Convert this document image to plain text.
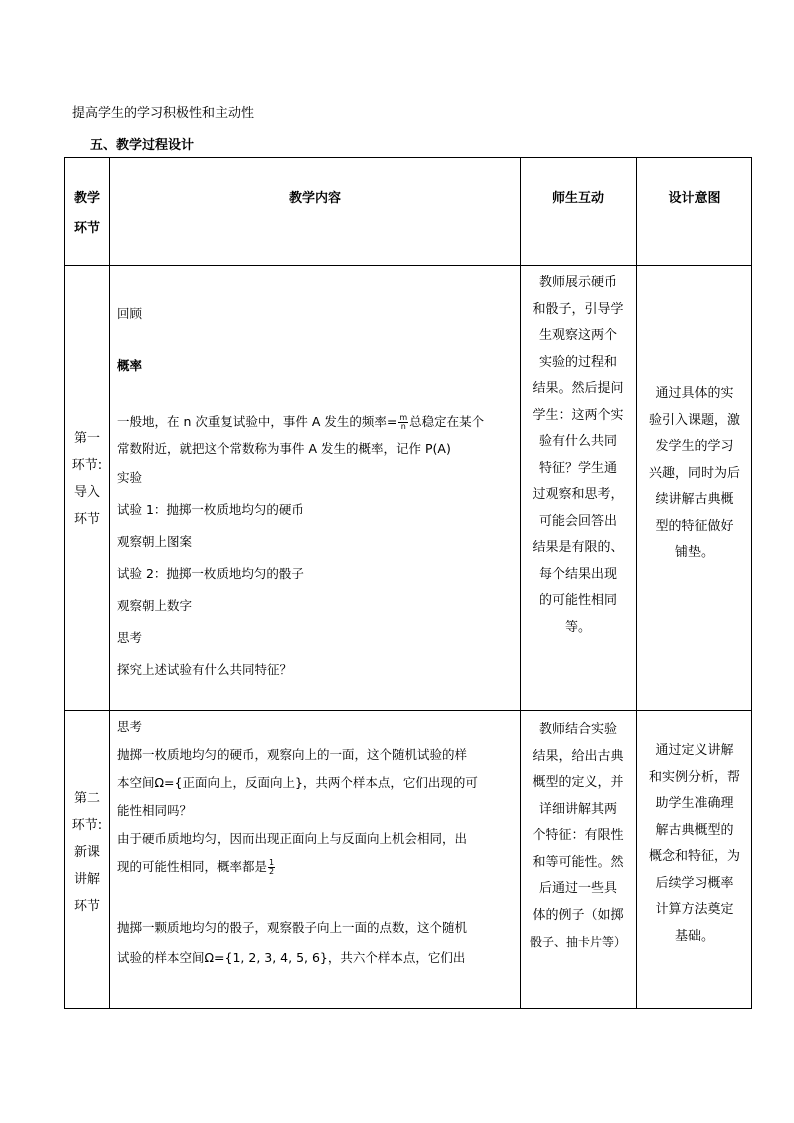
提高学生的学习积极性和主动性
五、教学过程设计
教学
环节
教学内容	师生互动	设计意图
第一
环节:
导入
环节

回顾

概率

一般地，在 n 次重复试验中，事件 A 发生的频率= $\frac{m}{n}$ 总稳定在某个

常数附近，就把这个常数称为事件 A 发生的概率，记作 P(A)

实验

试验 1：抛掷一枚质地均匀的硬币

观察朝上图案

试验 2：抛掷一枚质地均匀的骰子

观察朝上数字

思考

探究上述试验有什么共同特征？

教师展示硬币
和骰子，引导学
生观察这两个
实验的过程和
结果。然后提问
学生：这两个实
验有什么共同
特征？学生通
过观察和思考，
可能会回答出
结果是有限的、
每个结果出现
的可能性相同
等。
通过具体的实
验引入课题，激
发学生的学习
兴趣，同时为后
续讲解古典概
型的特征做好
铺垫。
第二
环节:
新课
讲解
环节

思考

抛掷一枚质地均匀的硬币，观察向上的一面，这个随机试验的样

本空间Ω={正面向上，反面向上}，共两个样本点，它们出现的可

能性相同吗？

由于硬币质地均匀，因而出现正面向上与反面向上机会相同，出

现的可能性相同，概率都是 $\frac{1}{2}$

抛掷一颗质地均匀的骰子，观察骰子向上一面的点数，这个随机

试验的样本空间Ω={1, 2, 3, 4, 5, 6}，共六个样本点，它们出

教师结合实验
结果，给出古典
概型的定义，并
详细讲解其两
个特征：有限性
和等可能性。然
后通过一些具
体的例子（如掷
骰子、抽卡片等）
通过定义讲解
和实例分析，帮
助学生准确理
解古典概型的
概念和特征，为
后续学习概率
计算方法奠定
基础。
